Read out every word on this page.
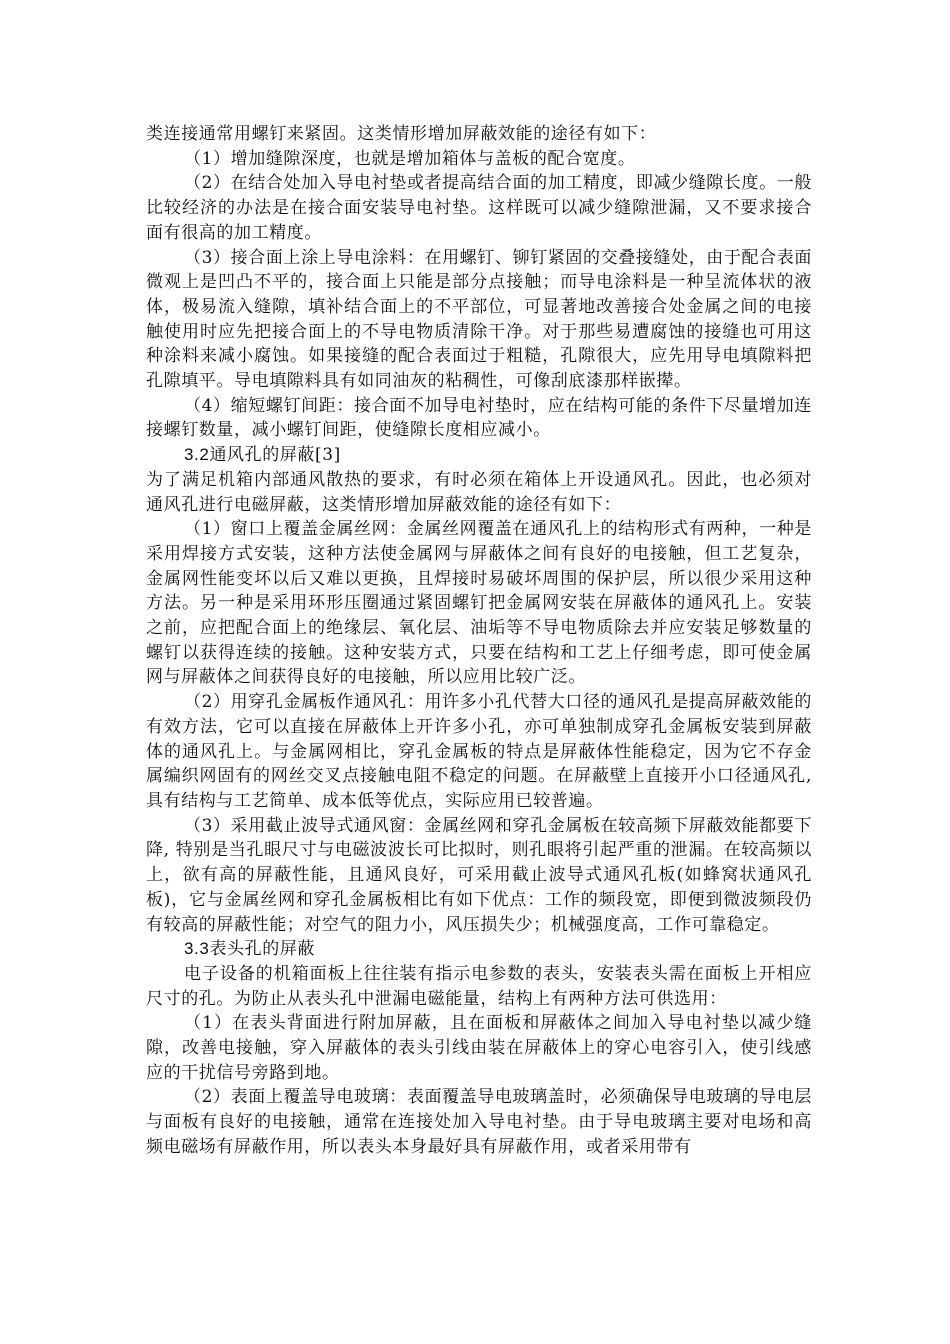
类连接通常用螺钉来紧固。这类情形增加屏蔽效能的途径有如下：

（1）增加缝隙深度，也就是增加箱体与盖板的配合宽度。

（2）在结合处加入导电衬垫或者提高结合面的加工精度，即减少缝隙长度。一般比较经济的办法是在接合面安装导电衬垫。这样既可以减少缝隙泄漏，又不要求接合面有很高的加工精度。

（3）接合面上涂上导电涂料：在用螺钉、铆钉紧固的交叠接缝处，由于配合表面微观上是凹凸不平的，接合面上只能是部分点接触；而导电涂料是一种呈流体状的液体，极易流入缝隙，填补结合面上的不平部位，可显著地改善接合处金属之间的电接触使用时应先把接合面上的不导电物质清除干净。对于那些易遭腐蚀的接缝也可用这种涂料来减小腐蚀。如果接缝的配合表面过于粗糙，孔隙很大，应先用导电填隙料把孔隙填平。导电填隙料具有如同油灰的粘稠性，可像刮底漆那样嵌撵。

（4）缩短螺钉间距：接合面不加导电衬垫时，应在结构可能的条件下尽量增加连接螺钉数量，减小螺钉间距，使缝隙长度相应减小。

3.2通风孔的屏蔽[3]

为了满足机箱内部通风散热的要求，有时必须在箱体上开设通风孔。因此，也必须对通风孔进行电磁屏蔽，这类情形增加屏蔽效能的途径有如下：

（1）窗口上覆盖金属丝网：金属丝网覆盖在通风孔上的结构形式有两种，一种是采用焊接方式安装，这种方法使金属网与屏蔽体之间有良好的电接触，但工艺复杂，金属网性能变坏以后又难以更换，且焊接时易破坏周围的保护层，所以很少采用这种方法。另一种是采用环形压圈通过紧固螺钉把金属网安装在屏蔽体的通风孔上。安装之前，应把配合面上的绝缘层、氧化层、油垢等不导电物质除去并应安装足够数量的螺钉以获得连续的接触。这种安装方式，只要在结构和工艺上仔细考虑，即可使金属网与屏蔽体之间获得良好的电接触，所以应用比较广泛。

（2）用穿孔金属板作通风孔：用许多小孔代替大口径的通风孔是提高屏蔽效能的有效方法，它可以直接在屏蔽体上开许多小孔，亦可单独制成穿孔金属板安装到屏蔽体的通风孔上。与金属网相比，穿孔金属板的特点是屏蔽体性能稳定，因为它不存金属编织网固有的网丝交叉点接触电阻不稳定的问题。在屏蔽壁上直接开小口径通风孔,具有结构与工艺简单、成本低等优点，实际应用已较普遍。

（3）采用截止波导式通风窗：金属丝网和穿孔金属板在较高频下屏蔽效能都要下降, 特别是当孔眼尺寸与电磁波波长可比拟时，则孔眼将引起严重的泄漏。在较高频以上，欲有高的屏蔽性能，且通风良好，可采用截止波导式通风孔板(如蜂窝状通风孔板)，它与金属丝网和穿孔金属板相比有如下优点：工作的频段宽，即便到微波频段仍有较高的屏蔽性能；对空气的阻力小，风压损失少；机械强度高，工作可靠稳定。

3.3表头孔的屏蔽

电子设备的机箱面板上往往装有指示电参数的表头，安装表头需在面板上开相应尺寸的孔。为防止从表头孔中泄漏电磁能量，结构上有两种方法可供选用：

（1）在表头背面进行附加屏蔽，且在面板和屏蔽体之间加入导电衬垫以减少缝隙，改善电接触，穿入屏蔽体的表头引线由装在屏蔽体上的穿心电容引入，使引线感应的干扰信号旁路到地。

（2）表面上覆盖导电玻璃：表面覆盖导电玻璃盖时，必须确保导电玻璃的导电层与面板有良好的电接触，通常在连接处加入导电衬垫。由于导电玻璃主要对电场和高频电磁场有屏蔽作用，所以表头本身最好具有屏蔽作用，或者采用带有
